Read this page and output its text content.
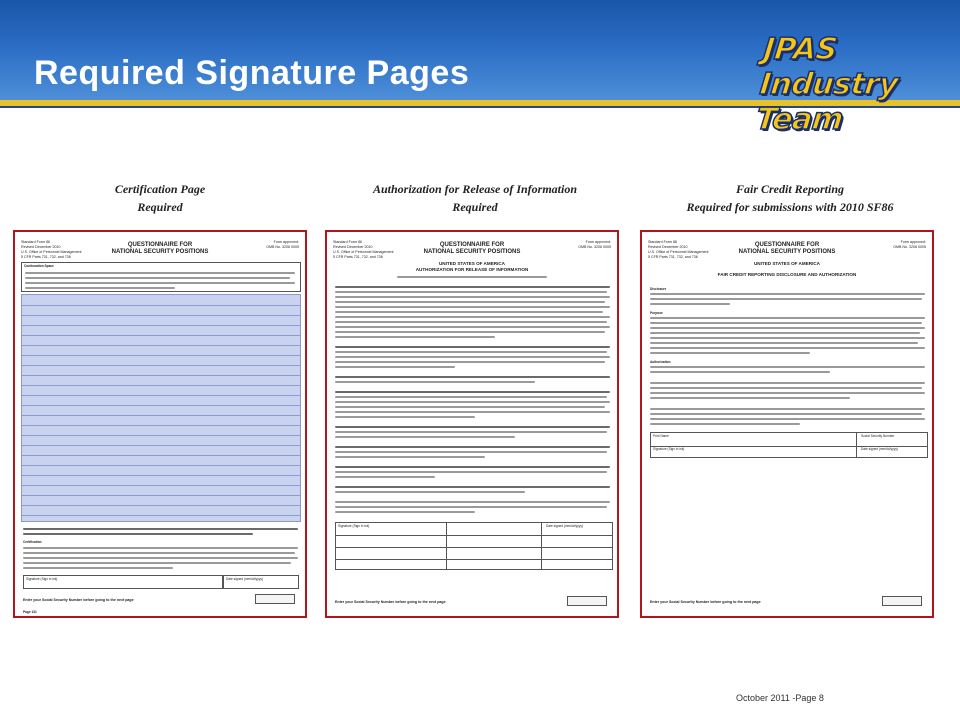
Required Signature Pages
JPAS Industry Team
Certification Page
Required
Authorization for Release of Information
Required
Fair Credit Reporting
Required for submissions with 2010 SF86
Standard Form 86
Revised December 2010
U.S. Office of Personnel Management
5 CFR Parts 731, 732, and 736
Form approved:
OMB No. 3206 0005
QUESTIONNAIRE FOR
NATIONAL SECURITY POSITIONS
Continuation Space
Certification
Signature (Sign in ink)	Date signed (mm/dd/yyyy)
Enter your Social Security Number before going to the next page
Page 131
Standard Form 86
Revised December 2010
U.S. Office of Personnel Management
5 CFR Parts 731, 732, and 736
Form approved:
OMB No. 3206 0005
QUESTIONNAIRE FOR
NATIONAL SECURITY POSITIONS
UNITED STATES OF AMERICA
AUTHORIZATION FOR RELEASE OF INFORMATION
Signature (Sign in ink)	Date signed (mm/dd/yyyy)
Enter your Social Security Number before going to the next page
Standard Form 86
Revised December 2010
U.S. Office of Personnel Management
5 CFR Parts 731, 732, and 736
Form approved:
OMB No. 3206 0005
QUESTIONNAIRE FOR
NATIONAL SECURITY POSITIONS
UNITED STATES OF AMERICA
FAIR CREDIT REPORTING DISCLOSURE AND AUTHORIZATION
Disclosure
Purpose
Authorization
Print Name	Social Security Number
Signature (Sign in ink)	Date signed (mm/dd/yyyy)
Enter your Social Security Number before going to the next page
October 2011 -Page 8
